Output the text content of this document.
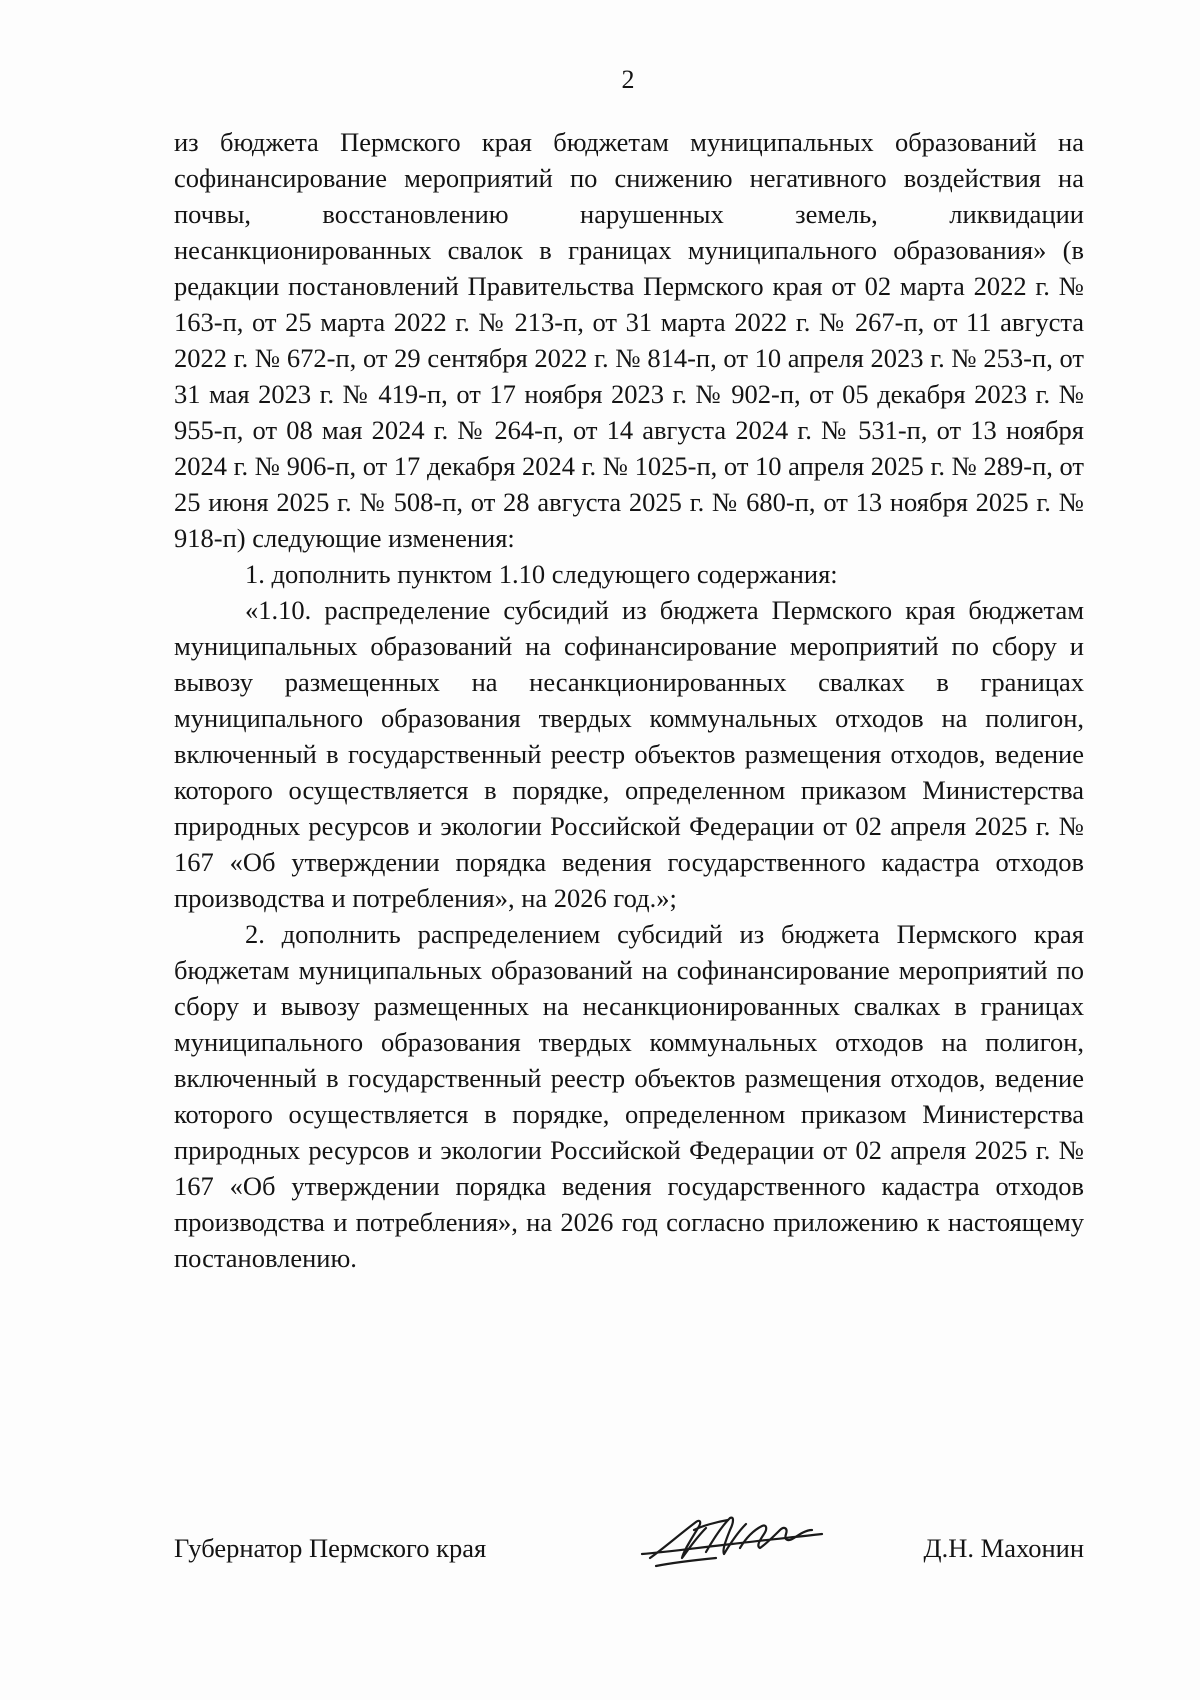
2

из бюджета Пермского края бюджетам муниципальных образований на софинансирование мероприятий по снижению негативного воздействия на почвы, восстановлению нарушенных земель, ликвидации несанкционированных свалок в границах муниципального образования» (в редакции постановлений Правительства Пермского края от 02 марта 2022 г. № 163-п, от 25 марта 2022 г. № 213-п, от 31 марта 2022 г. № 267-п, от 11 августа 2022 г. № 672-п, от 29 сентября 2022 г. № 814-п, от 10 апреля 2023 г. № 253-п, от 31 мая 2023 г. № 419-п, от 17 ноября 2023 г. № 902-п, от 05 декабря 2023 г. № 955-п, от 08 мая 2024 г. № 264-п, от 14 августа 2024 г. № 531-п, от 13 ноября 2024 г. № 906-п, от 17 декабря 2024 г. № 1025-п, от 10 апреля 2025 г. № 289-п, от 25 июня 2025 г. № 508-п, от 28 августа 2025 г. № 680-п, от 13 ноября 2025 г. № 918-п) следующие изменения:

1. дополнить пунктом 1.10 следующего содержания:

«1.10. распределение субсидий из бюджета Пермского края бюджетам муниципальных образований на софинансирование мероприятий по сбору и вывозу размещенных на несанкционированных свалках в границах муниципального образования твердых коммунальных отходов на полигон, включенный в государственный реестр объектов размещения отходов, ведение которого осуществляется в порядке, определенном приказом Министерства природных ресурсов и экологии Российской Федерации от 02 апреля 2025 г. № 167 «Об утверждении порядка ведения государственного кадастра отходов производства и потребления», на 2026 год.»;

2. дополнить распределением субсидий из бюджета Пермского края бюджетам муниципальных образований на софинансирование мероприятий по сбору и вывозу размещенных на несанкционированных свалках в границах муниципального образования твердых коммунальных отходов на полигон, включенный в государственный реестр объектов размещения отходов, ведение которого осуществляется в порядке, определенном приказом Министерства природных ресурсов и экологии Российской Федерации от 02 апреля 2025 г. № 167 «Об утверждении порядка ведения государственного кадастра отходов производства и потребления», на 2026 год согласно приложению к настоящему постановлению.

Губернатор Пермского края	Д.Н. Махонин
